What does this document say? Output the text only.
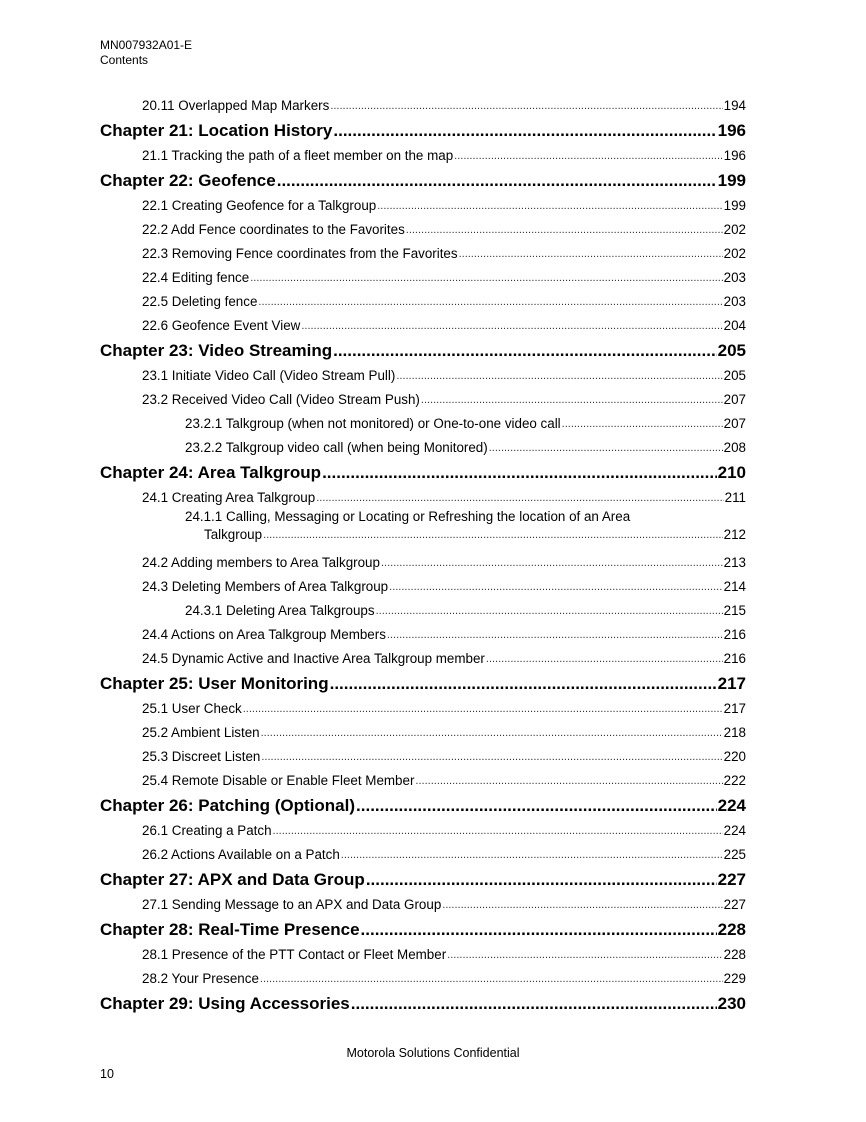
MN007932A01-E
Contents
20.11 Overlapped Map Markers .....	194
Chapter 21: Location History .....	196
21.1 Tracking the path of a fleet member on the map .....	196
Chapter 22: Geofence .....	199
22.1 Creating Geofence for a Talkgroup .....	199
22.2 Add Fence coordinates to the Favorites .....	202
22.3 Removing Fence coordinates from the Favorites .....	202
22.4 Editing fence .....	203
22.5 Deleting fence .....	203
22.6 Geofence Event View .....	204
Chapter 23: Video Streaming .....	205
23.1 Initiate Video Call (Video Stream Pull) .....	205
23.2 Received Video Call (Video Stream Push) .....	207
23.2.1 Talkgroup (when not monitored) or One-to-one video call .....	207
23.2.2 Talkgroup video call (when being Monitored) .....	208
Chapter 24: Area Talkgroup .....	210
24.1 Creating Area Talkgroup .....	211
24.1.1 Calling, Messaging or Locating or Refreshing the location of an Area
Talkgroup .....	212
24.2 Adding members to Area Talkgroup .....	213
24.3 Deleting Members of Area Talkgroup .....	214
24.3.1 Deleting Area Talkgroups .....	215
24.4 Actions on Area Talkgroup Members .....	216
24.5 Dynamic Active and Inactive Area Talkgroup member .....	216
Chapter 25: User Monitoring .....	217
25.1 User Check .....	217
25.2 Ambient Listen .....	218
25.3 Discreet Listen .....	220
25.4 Remote Disable or Enable Fleet Member .....	222
Chapter 26: Patching (Optional) .....	224
26.1 Creating a Patch .....	224
26.2 Actions Available on a Patch .....	225
Chapter 27: APX and Data Group .....	227
27.1 Sending Message to an APX and Data Group .....	227
Chapter 28: Real-Time Presence .....	228
28.1 Presence of the PTT Contact or Fleet Member .....	228
28.2 Your Presence .....	229
Chapter 29: Using Accessories .....	230
Motorola Solutions Confidential
10
